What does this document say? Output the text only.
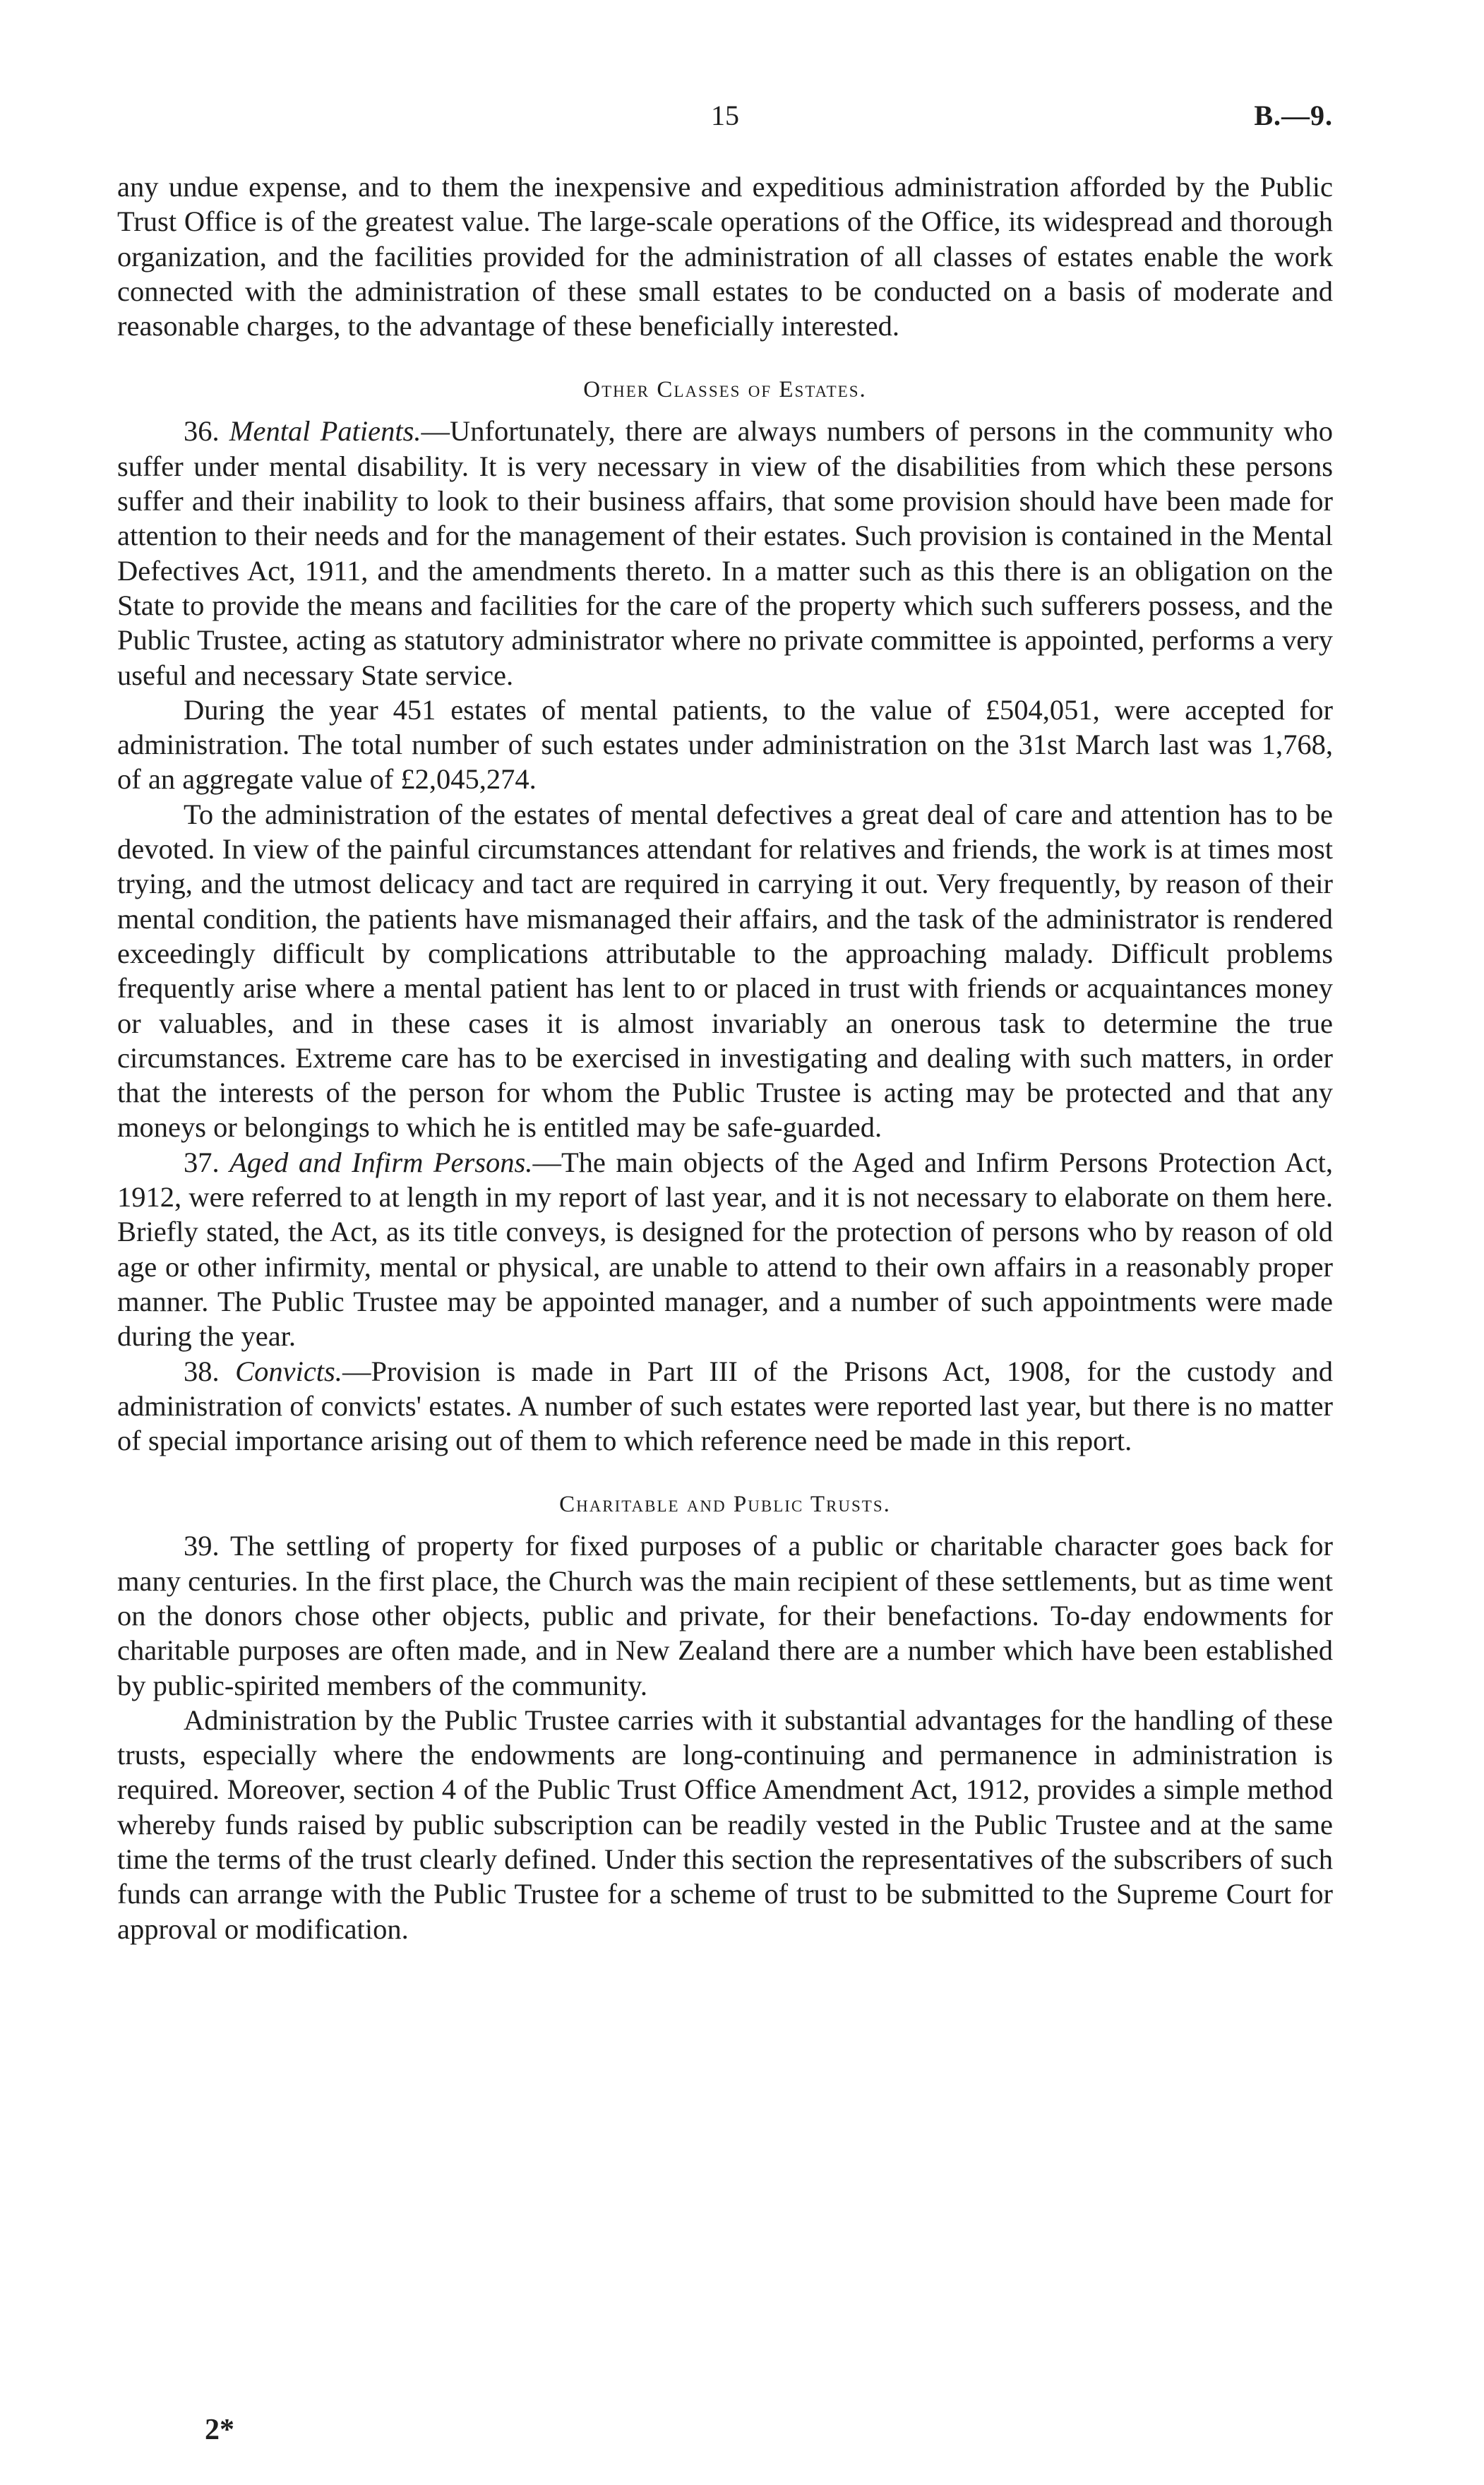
15	B.—9.

any undue expense, and to them the inexpensive and expeditious administration afforded by the Public Trust Office is of the greatest value. The large-scale operations of the Office, its widespread and thorough organization, and the facilities provided for the administration of all classes of estates enable the work connected with the administration of these small estates to be conducted on a basis of moderate and reasonable charges, to the advantage of these beneficially interested.

Other Classes of Estates.

36. Mental Patients.—Unfortunately, there are always numbers of persons in the community who suffer under mental disability. It is very necessary in view of the disabilities from which these persons suffer and their inability to look to their business affairs, that some provision should have been made for attention to their needs and for the management of their estates. Such provision is contained in the Mental Defectives Act, 1911, and the amendments thereto. In a matter such as this there is an obligation on the State to provide the means and facilities for the care of the property which such sufferers possess, and the Public Trustee, acting as statutory administrator where no private committee is appointed, performs a very useful and necessary State service.

During the year 451 estates of mental patients, to the value of £504,051, were accepted for administration. The total number of such estates under administration on the 31st March last was 1,768, of an aggregate value of £2,045,274.

To the administration of the estates of mental defectives a great deal of care and attention has to be devoted. In view of the painful circumstances attendant for relatives and friends, the work is at times most trying, and the utmost delicacy and tact are required in carrying it out. Very frequently, by reason of their mental condition, the patients have mismanaged their affairs, and the task of the administrator is rendered exceedingly difficult by complications attributable to the approaching malady. Difficult problems frequently arise where a mental patient has lent to or placed in trust with friends or acquaintances money or valuables, and in these cases it is almost invariably an onerous task to determine the true circumstances. Extreme care has to be exercised in investigating and dealing with such matters, in order that the interests of the person for whom the Public Trustee is acting may be protected and that any moneys or belongings to which he is entitled may be safe-guarded.

37. Aged and Infirm Persons.—The main objects of the Aged and Infirm Persons Protection Act, 1912, were referred to at length in my report of last year, and it is not necessary to elaborate on them here. Briefly stated, the Act, as its title conveys, is designed for the protection of persons who by reason of old age or other infirmity, mental or physical, are unable to attend to their own affairs in a reasonably proper manner. The Public Trustee may be appointed manager, and a number of such appointments were made during the year.

38. Convicts.—Provision is made in Part III of the Prisons Act, 1908, for the custody and administration of convicts' estates. A number of such estates were reported last year, but there is no matter of special importance arising out of them to which reference need be made in this report.

Charitable and Public Trusts.

39. The settling of property for fixed purposes of a public or charitable character goes back for many centuries. In the first place, the Church was the main recipient of these settlements, but as time went on the donors chose other objects, public and private, for their benefactions. To-day endowments for charitable purposes are often made, and in New Zealand there are a number which have been established by public-spirited members of the community.

Administration by the Public Trustee carries with it substantial advantages for the handling of these trusts, especially where the endowments are long-continuing and permanence in administration is required. Moreover, section 4 of the Public Trust Office Amendment Act, 1912, provides a simple method whereby funds raised by public subscription can be readily vested in the Public Trustee and at the same time the terms of the trust clearly defined. Under this section the representatives of the subscribers of such funds can arrange with the Public Trustee for a scheme of trust to be submitted to the Supreme Court for approval or modification.

2*
